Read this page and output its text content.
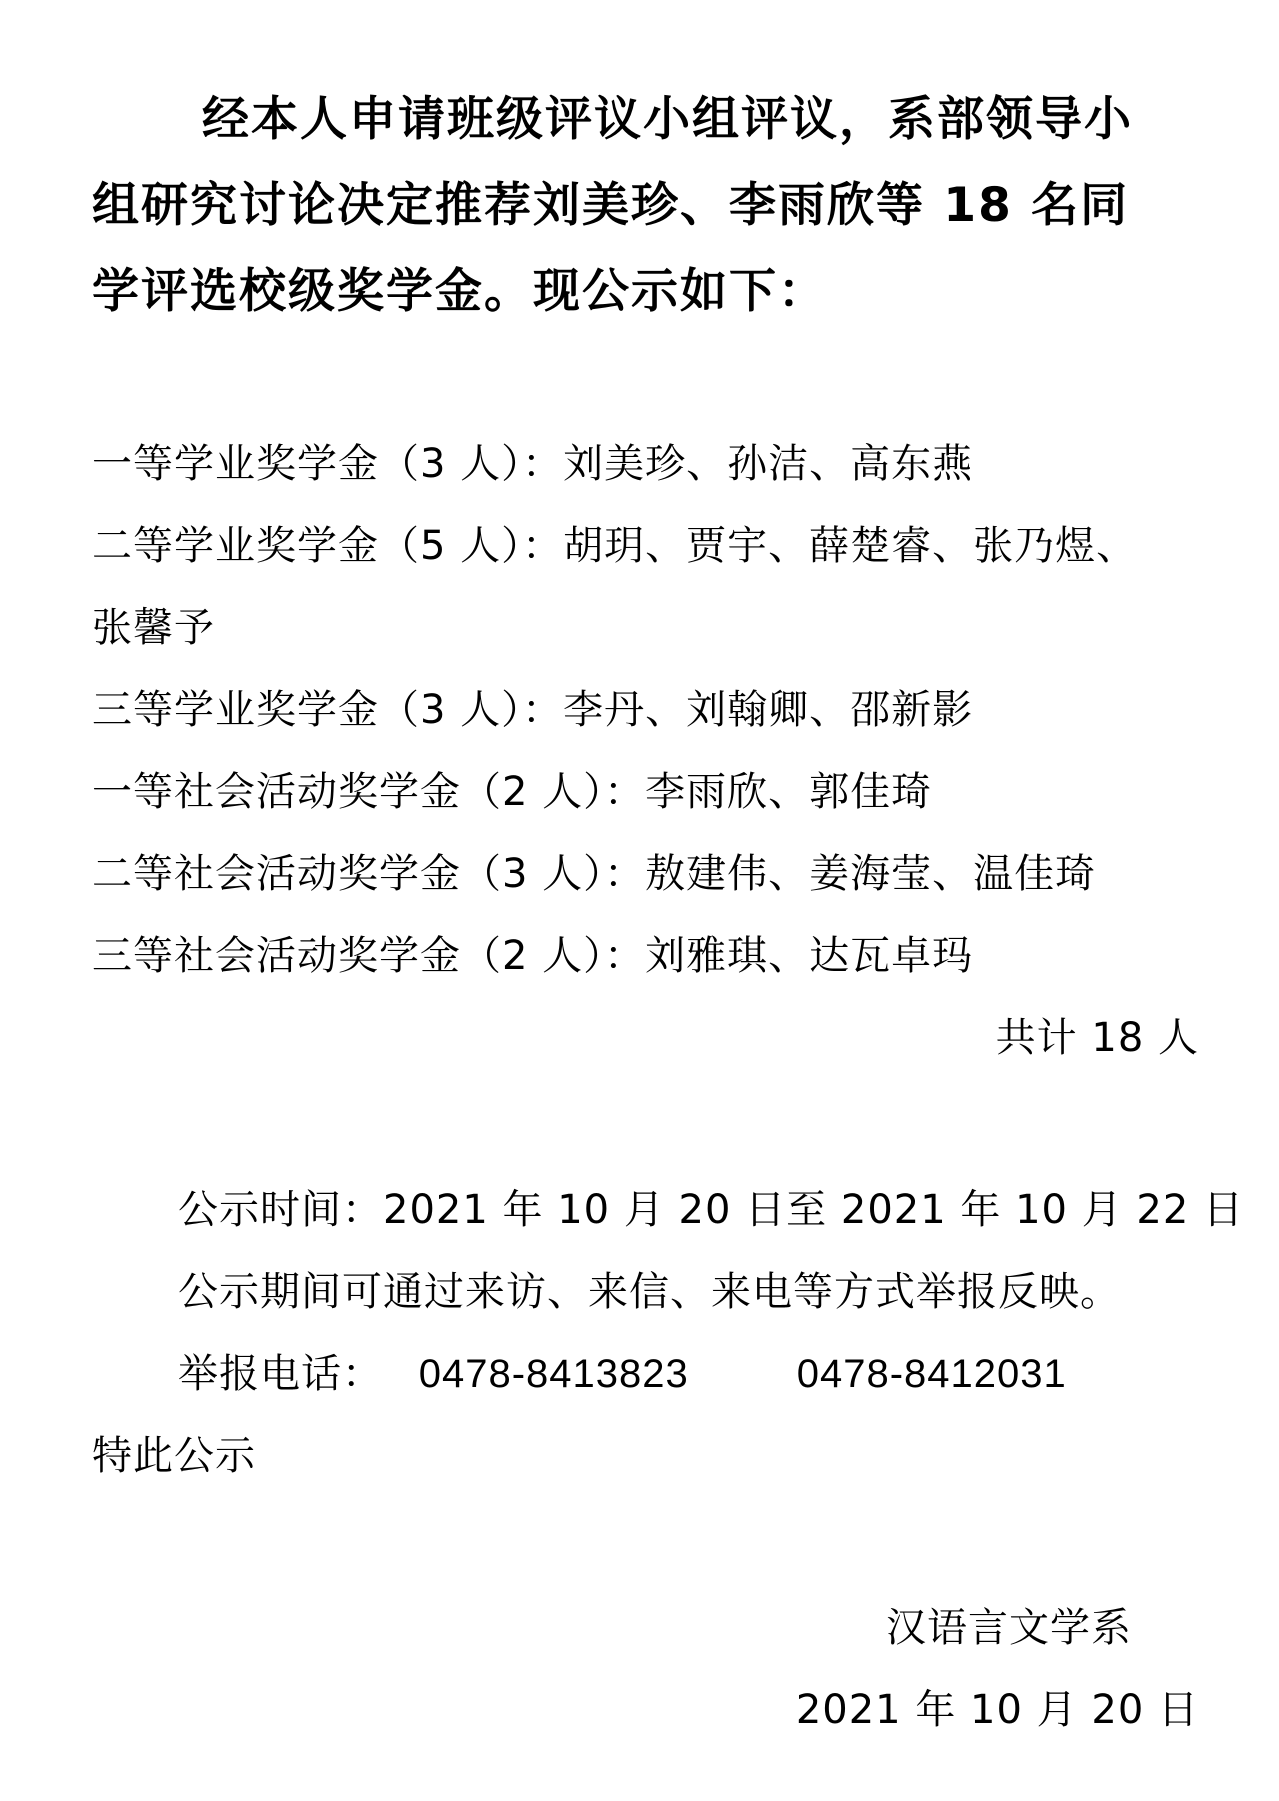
经本人申请班级评议小组评议，系部领导小
组研究讨论决定推荐刘美珍、李雨欣等 18 名同
学评选校级奖学金。现公示如下：
一等学业奖学金（3 人）：刘美珍、孙洁、高东燕
二等学业奖学金（5 人）：胡玥、贾宇、薛楚睿、张乃煜、
张馨予
三等学业奖学金（3 人）：李丹、刘翰卿、邵新影
一等社会活动奖学金（2 人）：李雨欣、郭佳琦
二等社会活动奖学金（3 人）：敖建伟、姜海莹、温佳琦
三等社会活动奖学金（2 人）：刘雅琪、达瓦卓玛
共计 18 人
公示时间：2021 年 10 月 20 日至 2021 年 10 月 22 日
公示期间可通过来访、来信、来电等方式举报反映。
举报电话： 0478-8413823	0478-8412031
特此公示
汉语言文学系
2021 年 10 月 20 日
